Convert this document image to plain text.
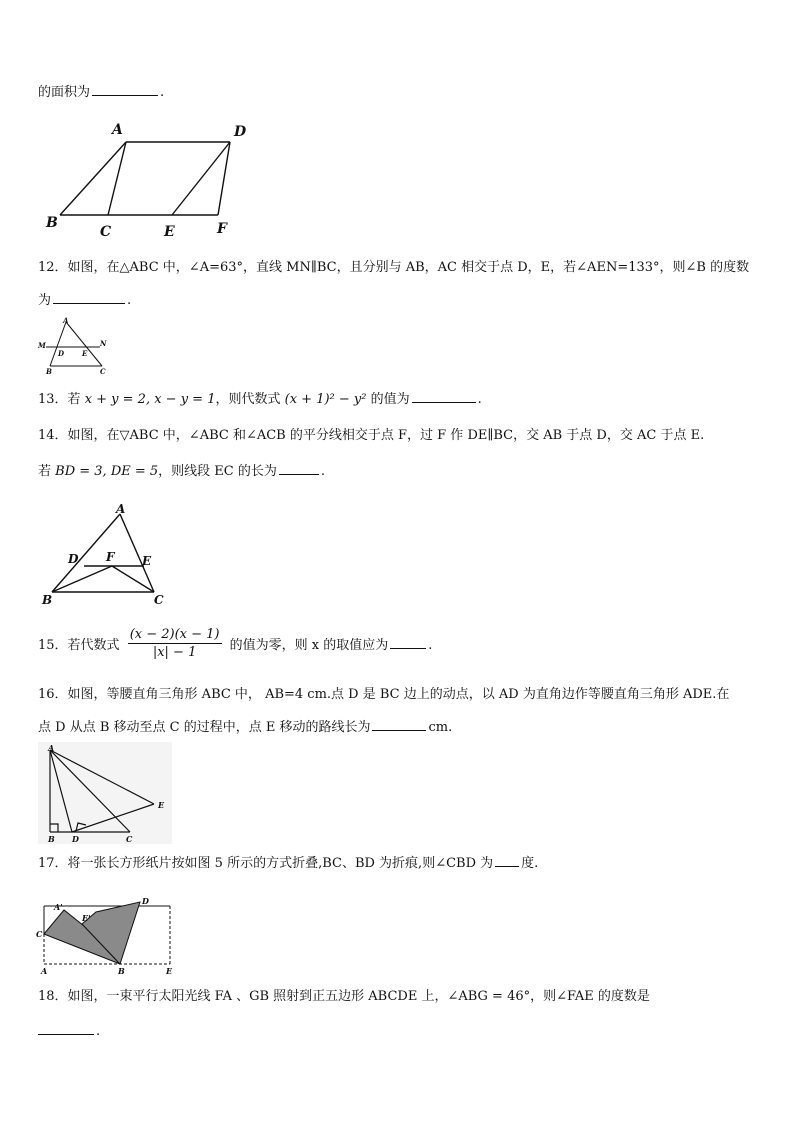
的面积为	.
A	D
B
C	E	F
12．如图，在△ABC 中，∠A=63°，直线 MN∥BC，且分别与 AB，AC 相交于点 D，E，若∠AEN=133°，则∠B 的度数
为	.
A
M
D	E
N
B	C
13．若 x + y = 2, x − y = 1，则代数式 (x + 1)² − y² 的值为	.
14．如图，在▽ABC 中，∠ABC 和∠ACB 的平分线相交于点 F，过 F 作 DE∥BC，交 AB 于点 D，交 AC 于点 E.
若 BD = 3, DE = 5，则线段 EC 的长为	.
A
D F E
B	C
15．若代数式 $\frac{(x - 2)(x - 1)}{|x| - 1}$ 的值为零，则 x 的取值应为	.
16．如图，等腰直角三角形 ABC 中， AB=4 cm.点 D 是 BC 边上的动点，以 AD 为直角边作等腰直角三角形 ADE.在
点 D 从点 B 移动至点 C 的过程中，点 E 移动的路线长为	cm.
A
E
B D	C
17．将一张长方形纸片按如图 5 所示的方式折叠,BC、BD 为折痕,则∠CBD 为 度.
A'
E'
D
C
A	B	E
18．如图，一束平行太阳光线 FA 、GB 照射到正五边形 ABCDE 上，∠ABG = 46°，则∠FAE 的度数是
.
